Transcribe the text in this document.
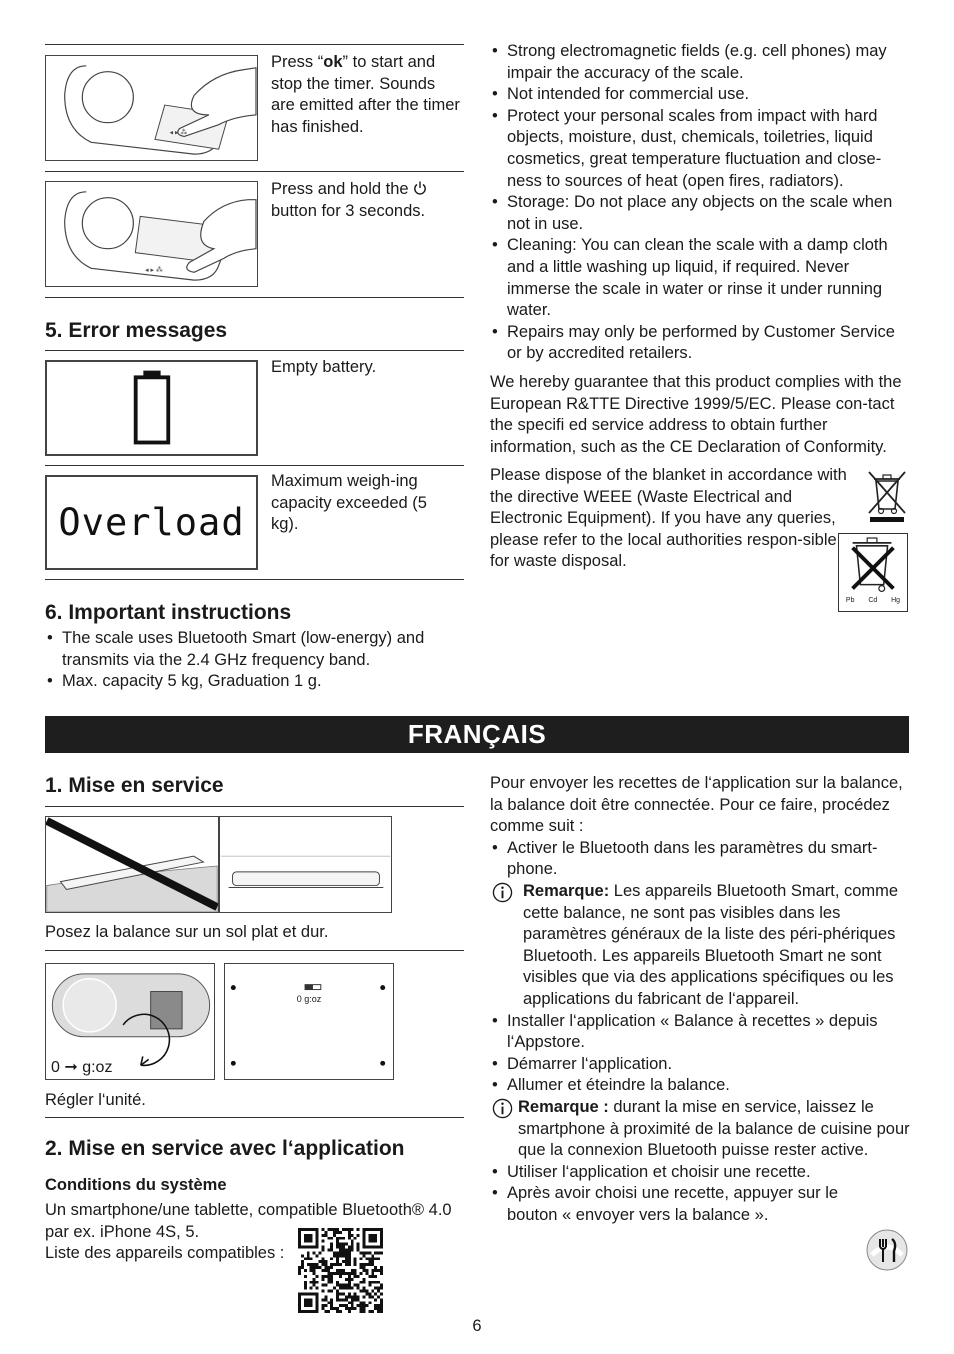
◂ ▸ ⁂
Press “ok” to start and stop the timer. Sounds are emitted after the timer has finished.
◂ ▸ ⁂
Press and hold the  button for 3 seconds.
5. Error messages
Empty battery.
Overload
Maximum weigh-ing capacity exceeded (5 kg).
6. Important instructions
• The scale uses Bluetooth Smart (low-energy) and transmits via the 2.4 GHz frequency band.
• Max. capacity 5 kg, Graduation 1 g.
• Strong electromagnetic fields (e.g. cell phones) may impair the accuracy of the scale.
• Not intended for commercial use.
• Protect your personal scales from impact with hard objects, moisture, dust, chemicals, toiletries, liquid cosmetics, great temperature fluctuation and close-ness to sources of heat (open fires, radiators).
• Storage: Do not place any objects on the scale when not in use.
• Cleaning: You can clean the scale with a damp cloth and a little washing up liquid, if required. Never immerse the scale in water or rinse it under running water.
• Repairs may only be performed by Customer Service or by accredited retailers.

We hereby guarantee that this product complies with the European R&TTE Directive 1999/5/EC. Please con-tact the specifi ed service address to obtain further information, such as the CE Declaration of Conformity.

Please dispose of the blanket in accordance with the directive WEEE (Waste Electrical and Electronic Equipment). If you have any queries, please refer to the local authorities respon-sible for waste disposal.

Pb Cd Hg
FRANÇAIS
1. Mise en service
Posez la balance sur un sol plat et dur.
0 ➞ g:oz
0 g:oz
Régler l‘unité.
2. Mise en service avec l‘application
Conditions du système

Un smartphone/une tablette, compatible Bluetooth® 4.0 par ex. iPhone 4S, 5.

Liste des appareils compatibles :

Pour envoyer les recettes de l‘application sur la balance, la balance doit être connectée. Pour ce faire, procédez comme suit :

• Activer le Bluetooth dans les paramètres du smart-phone.
Remarque: Les appareils Bluetooth Smart, comme cette balance, ne sont pas visibles dans les paramètres généraux de la liste des péri-phériques Bluetooth. Les appareils Bluetooth Smart ne sont visibles que via des applications spécifiques ou les applications du fabricant de l‘appareil.
• Installer l‘application « Balance à recettes » depuis l‘Appstore.
• Démarrer l‘application.
• Allumer et éteindre la balance.
Remarque : durant la mise en service, laissez le smartphone à proximité de la balance de cuisine pour que la connexion Bluetooth puisse rester active.
• Utiliser l‘application et choisir une recette.
• Après avoir choisi une recette, appuyer sur le bouton « envoyer vers la balance ».
6
